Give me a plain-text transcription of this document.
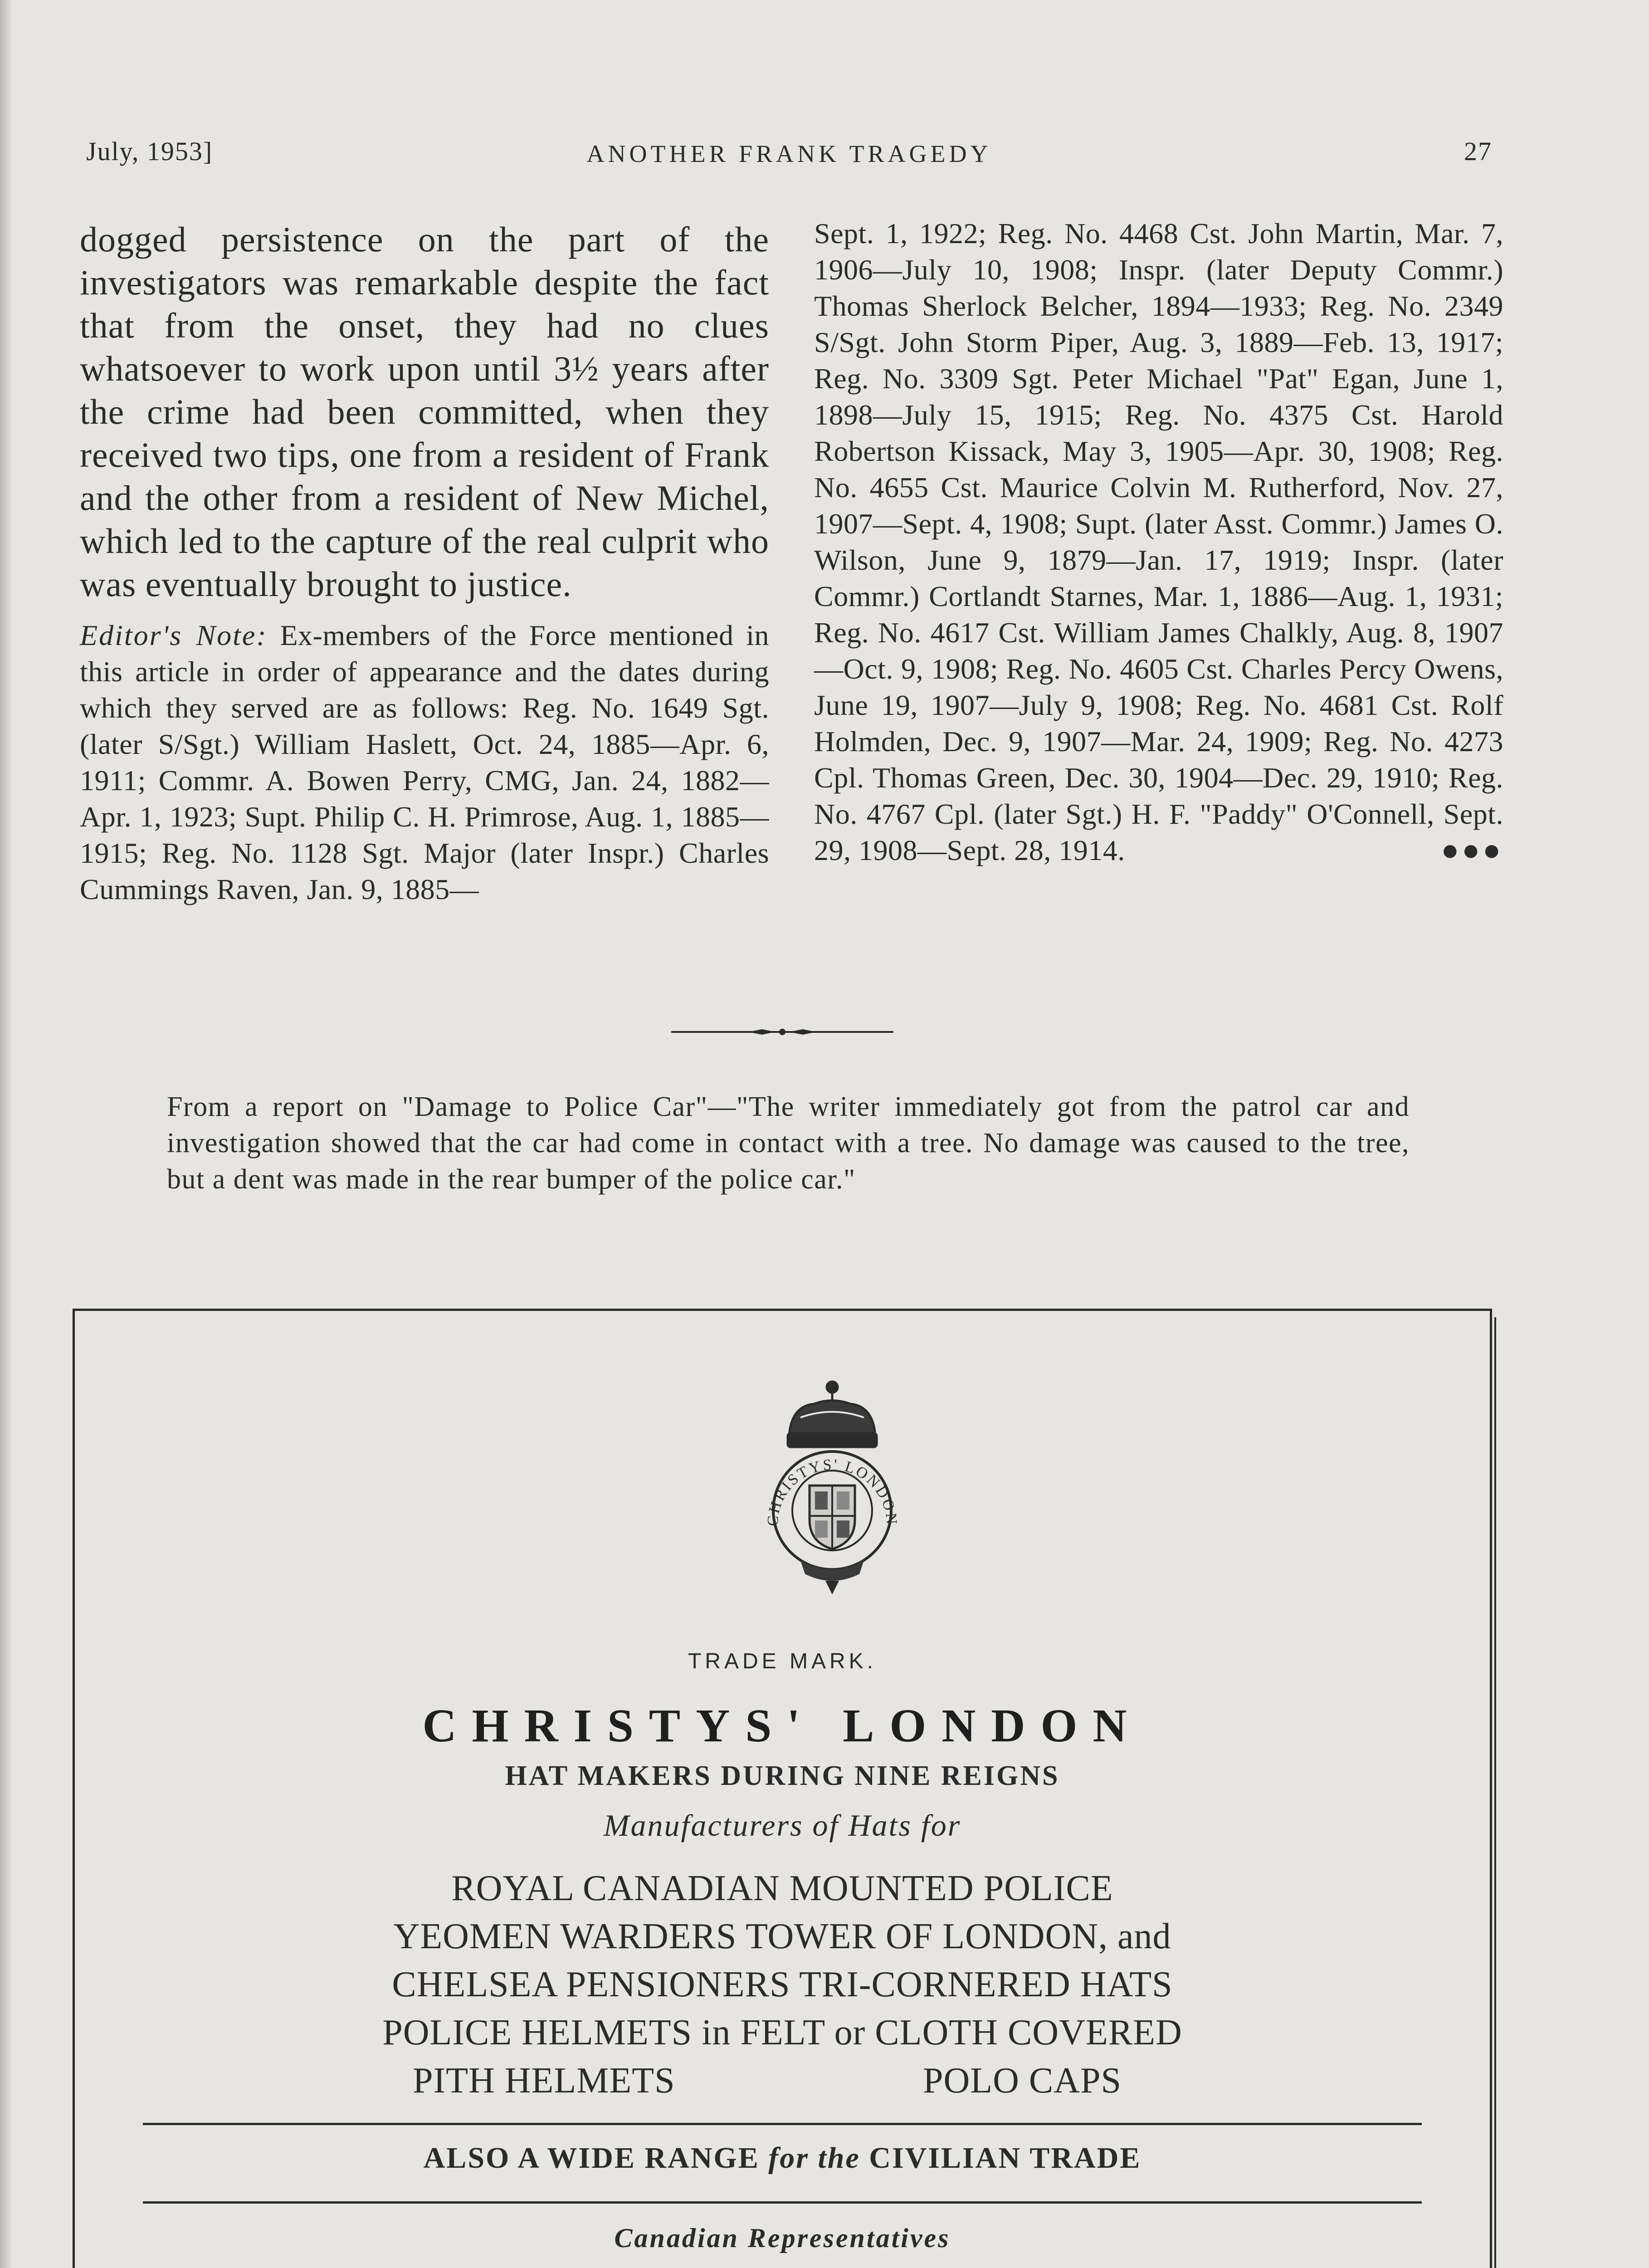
July, 1953]	ANOTHER FRANK TRAGEDY	27

dogged persistence on the part of the investigators was remarkable despite the fact that from the onset, they had no clues whatsoever to work upon until 3½ years after the crime had been committed, when they received two tips, one from a resident of Frank and the other from a resident of New Michel, which led to the capture of the real culprit who was eventually brought to justice.

Editor's Note: Ex-members of the Force mentioned in this article in order of appearance and the dates during which they served are as follows: Reg. No. 1649 Sgt. (later S/Sgt.) William Haslett, Oct. 24, 1885—Apr. 6, 1911; Commr. A. Bowen Perry, CMG, Jan. 24, 1882—Apr. 1, 1923; Supt. Philip C. H. Primrose, Aug. 1, 1885—1915; Reg. No. 1128 Sgt. Major (later Inspr.) Charles Cummings Raven, Jan. 9, 1885—

Sept. 1, 1922; Reg. No. 4468 Cst. John Martin, Mar. 7, 1906—July 10, 1908; Inspr. (later Deputy Commr.) Thomas Sherlock Belcher, 1894—1933; Reg. No. 2349 S/Sgt. John Storm Piper, Aug. 3, 1889—Feb. 13, 1917; Reg. No. 3309 Sgt. Peter Michael "Pat" Egan, June 1, 1898—July 15, 1915; Reg. No. 4375 Cst. Harold Robertson Kissack, May 3, 1905—Apr. 30, 1908; Reg. No. 4655 Cst. Maurice Colvin M. Rutherford, Nov. 27, 1907—Sept. 4, 1908; Supt. (later Asst. Commr.) James O. Wilson, June 9, 1879—Jan. 17, 1919; Inspr. (later Commr.) Cortlandt Starnes, Mar. 1, 1886—Aug. 1, 1931; Reg. No. 4617 Cst. William James Chalkly, Aug. 8, 1907—Oct. 9, 1908; Reg. No. 4605 Cst. Charles Percy Owens, June 19, 1907—July 9, 1908; Reg. No. 4681 Cst. Rolf Holmden, Dec. 9, 1907—Mar. 24, 1909; Reg. No. 4273 Cpl. Thomas Green, Dec. 30, 1904—Dec. 29, 1910; Reg. No. 4767 Cpl. (later Sgt.) H. F. "Paddy" O'Connell, Sept. 29, 1908—Sept. 28, 1914.	●●●

From a report on "Damage to Police Car"—"The writer immediately got from the patrol car and investigation showed that the car had come in contact with a tree. No damage was caused to the tree, but a dent was made in the rear bumper of the police car."
CHRISTYS' LONDON
TRADE MARK.
CHRISTYS' LONDON
HAT MAKERS DURING NINE REIGNS
Manufacturers of Hats for
ROYAL CANADIAN MOUNTED POLICE
YEOMEN WARDERS TOWER OF LONDON, and
CHELSEA PENSIONERS TRI-CORNERED HATS
POLICE HELMETS in FELT or CLOTH COVERED
PITH HELMETS	POLO CAPS
ALSO A WIDE RANGE for the CIVILIAN TRADE
Canadian Representatives
